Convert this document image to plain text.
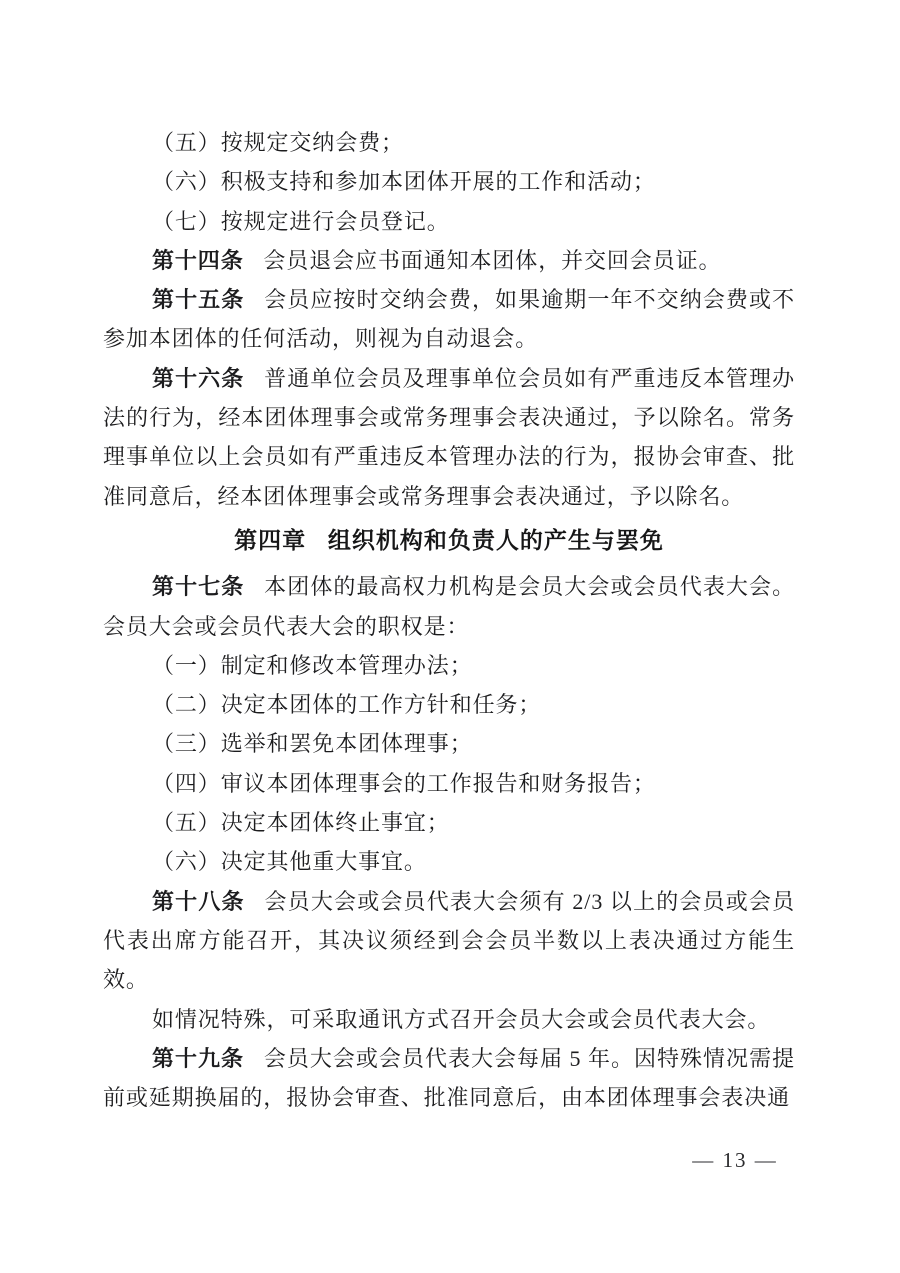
（五）按规定交纳会费；

（六）积极支持和参加本团体开展的工作和活动；

（七）按规定进行会员登记。

第十四条 会员退会应书面通知本团体，并交回会员证。

第十五条 会员应按时交纳会费，如果逾期一年不交纳会费或不参加本团体的任何活动，则视为自动退会。

第十六条 普通单位会员及理事单位会员如有严重违反本管理办法的行为，经本团体理事会或常务理事会表决通过，予以除名。常务理事单位以上会员如有严重违反本管理办法的行为，报协会审查、批准同意后，经本团体理事会或常务理事会表决通过，予以除名。

第四章 组织机构和负责人的产生与罢免

第十七条 本团体的最高权力机构是会员大会或会员代表大会。会员大会或会员代表大会的职权是：

（一）制定和修改本管理办法；

（二）决定本团体的工作方针和任务；

（三）选举和罢免本团体理事；

（四）审议本团体理事会的工作报告和财务报告；

（五）决定本团体终止事宜；

（六）决定其他重大事宜。

第十八条 会员大会或会员代表大会须有 2/3 以上的会员或会员代表出席方能召开，其决议须经到会会员半数以上表决通过方能生效。

如情况特殊，可采取通讯方式召开会员大会或会员代表大会。

第十九条 会员大会或会员代表大会每届 5 年。因特殊情况需提前或延期换届的，报协会审查、批准同意后，由本团体理事会表决通

— 13 —
